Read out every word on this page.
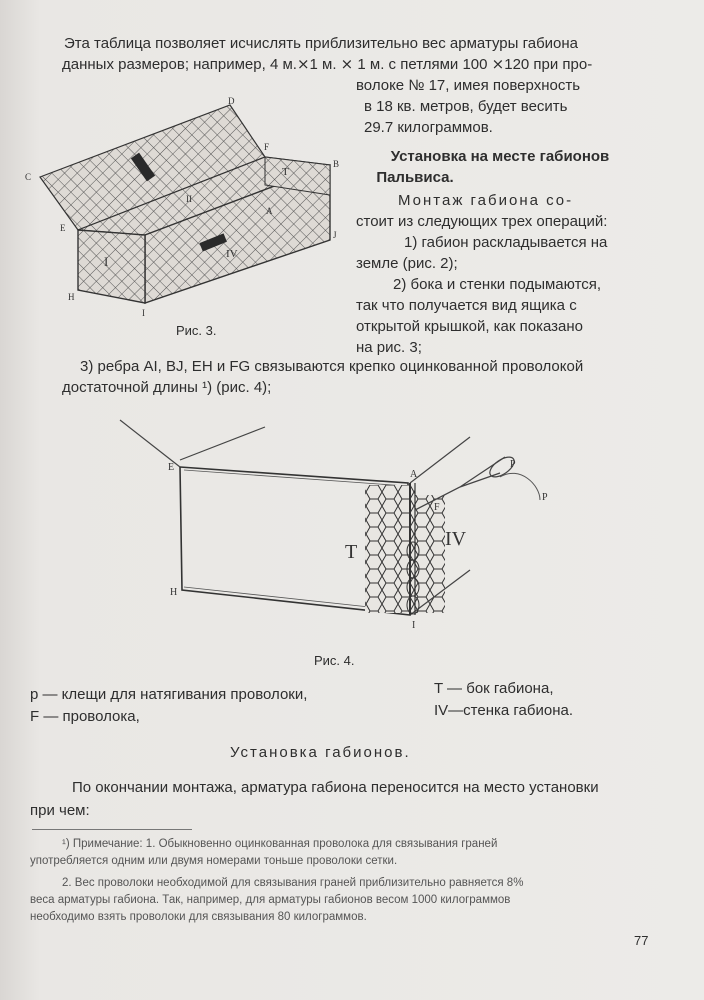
Эта таблица позволяет исчислять приблизительно вес арматуры габиона
данных размеров; например, 4 м.⨯1 м. ⨯ 1 м. с петлями 100 ⨯120 при про-
волоке № 17, имея поверхность
в 18 кв. метров, будет весить
29.7 килограммов.
Установка на месте габионов
Пальвиса.
Монтаж габиона со-
стоит из следующих трех операций:
1) габион раскладывается на
земле (рис. 2);
2) бока и стенки подымаются,
так что получается вид ящика с
открытой крышкой, как показано
на рис. 3;
3) ребра AI, BJ, EH и FG связываются крепко оцинкованной проволокой
достаточной длины ¹) (рис. 4);
D
C
F
B
T
II
E
A
J
I	IV
H
I
Рис. 3.
E
A
F
T
IV
H
I
P
P
Рис. 4.
p — клещи для натягивания проволоки,
F — проволока,
T — бок габиона,
IV—стенка габиона.
Установка габионов.
По окончании монтажа, арматура габиона переносится на место установки
при чем:
¹) Примечание: 1. Обыкновенно оцинкованная проволока для связывания граней
употребляется одним или двумя номерами тоньше проволоки сетки.
2. Вес проволоки необходимой для связывания граней приблизительно равняется 8%
веса арматуры габиона. Так, например, для арматуры габионов весом 1000 килограммов
необходимо взять проволоки для связывания 80 килограммов.
77
